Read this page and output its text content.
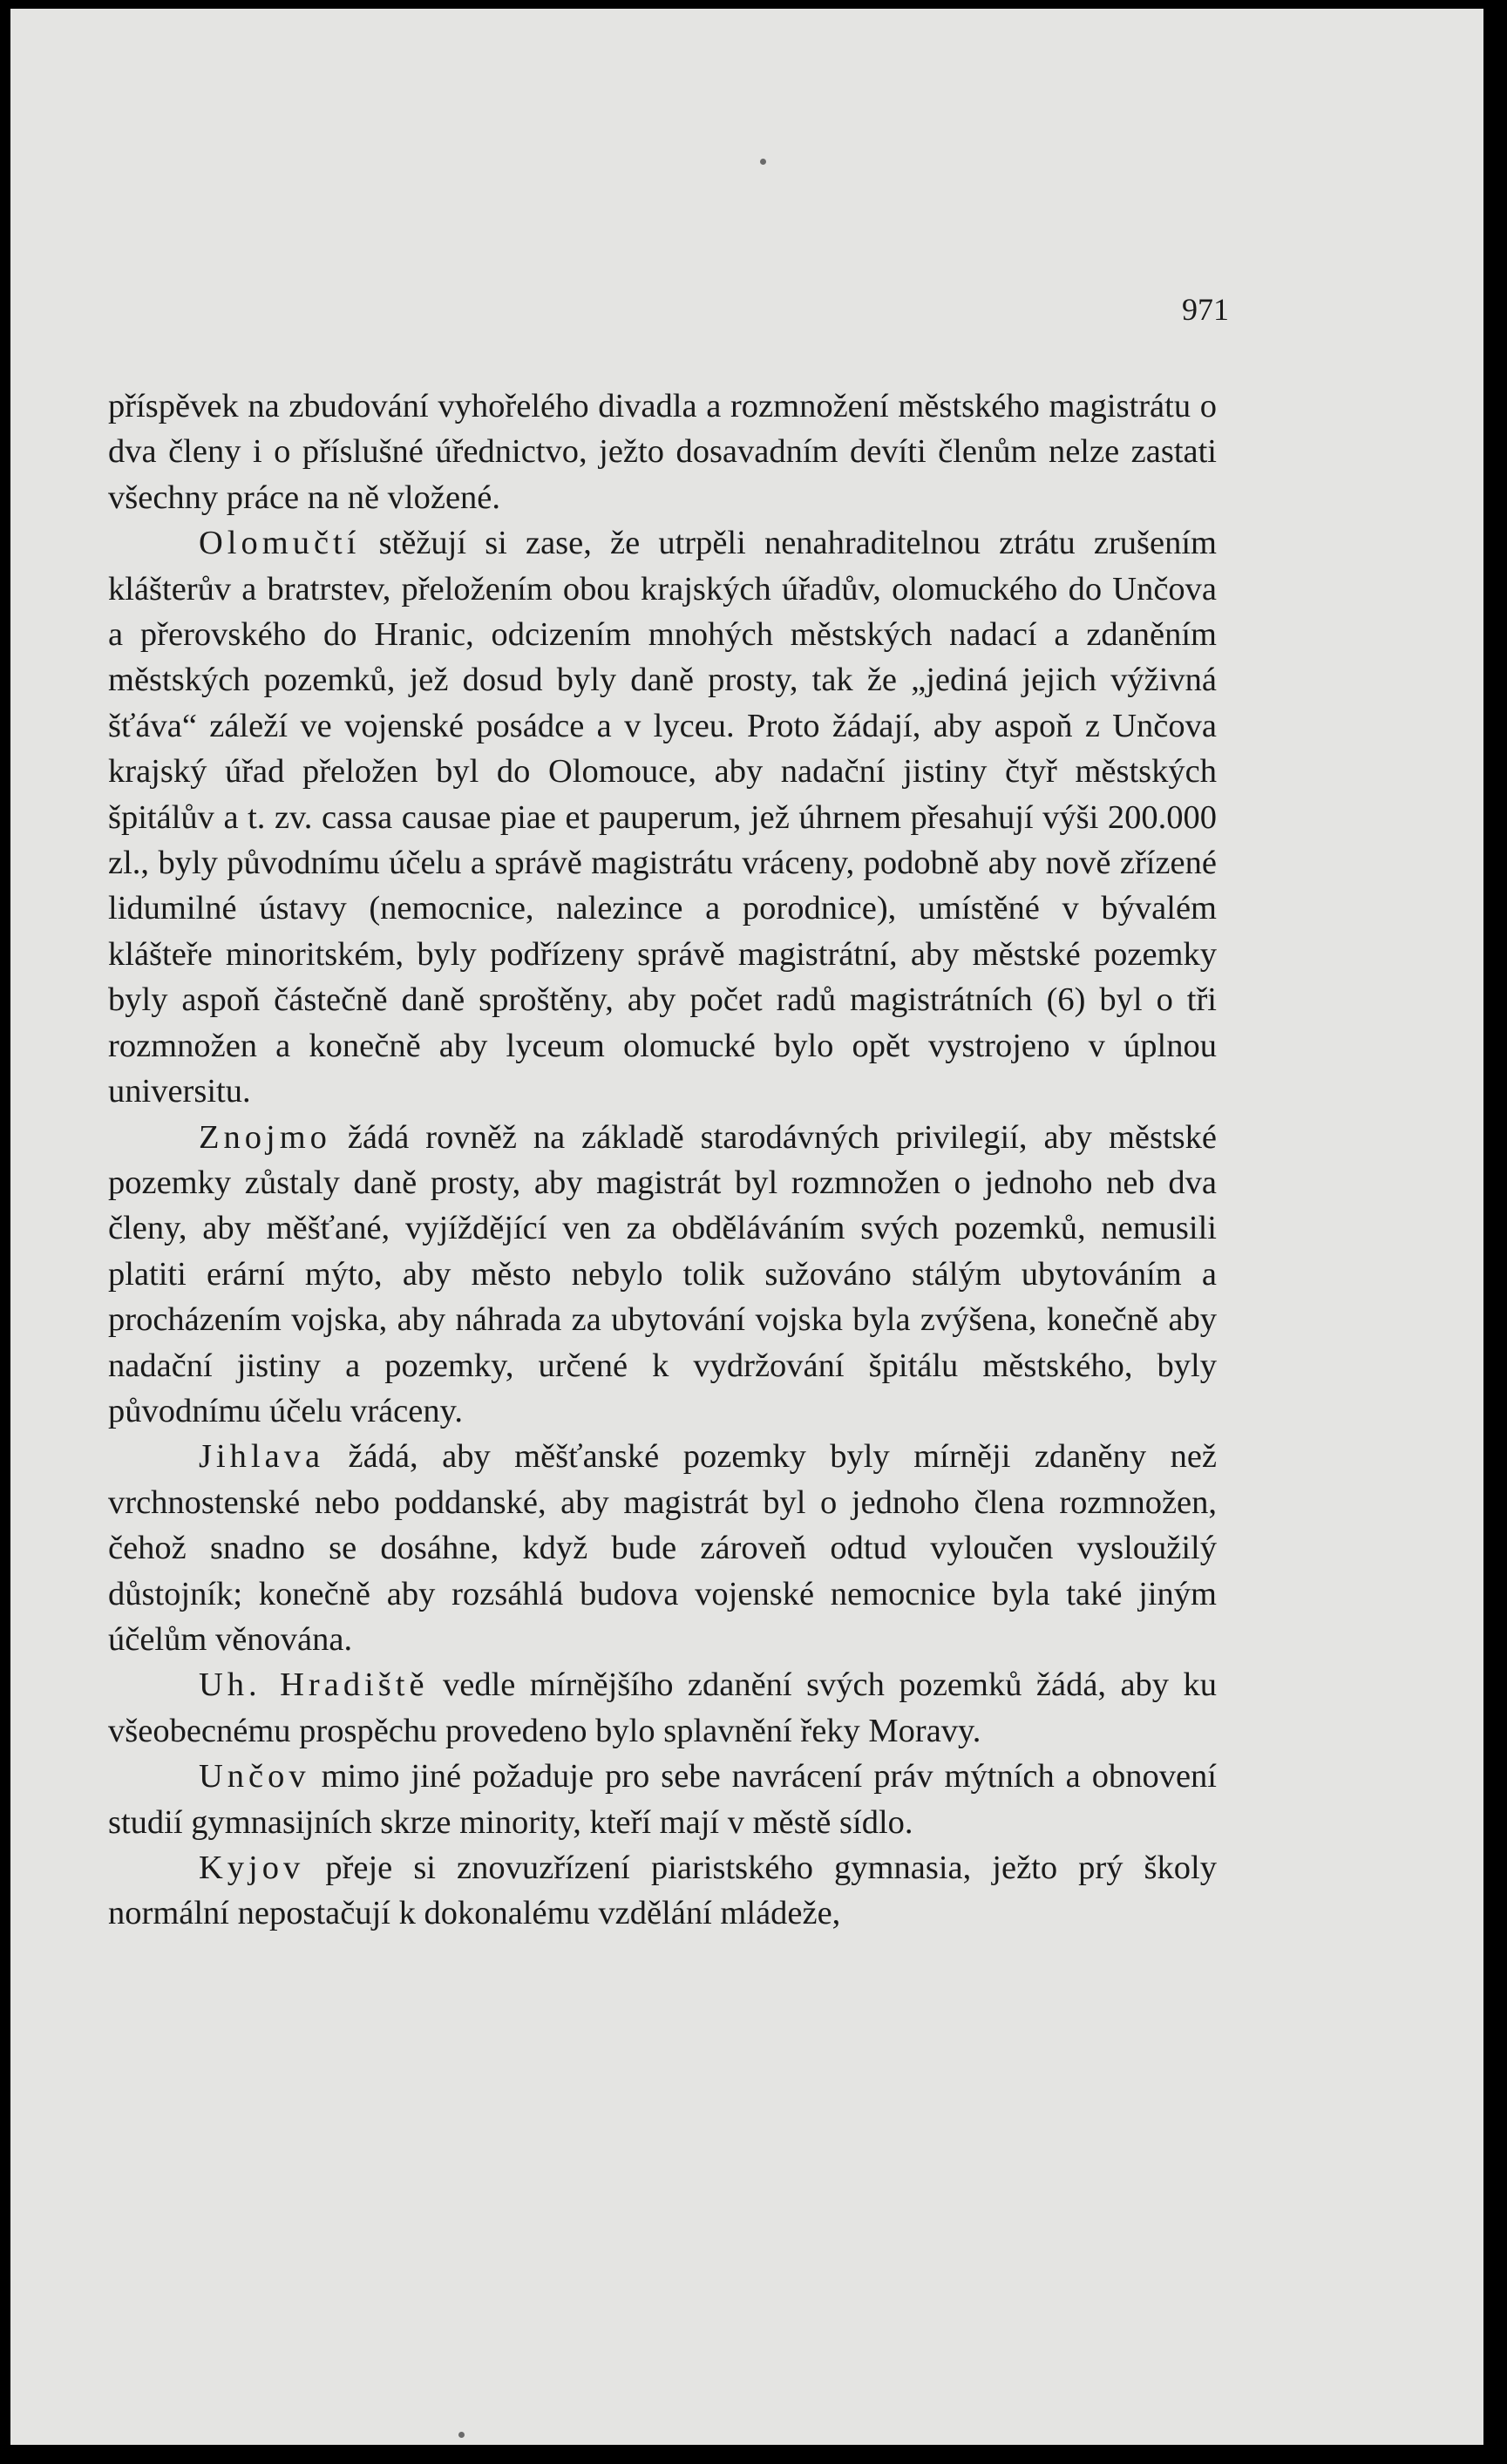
971

příspěvek na zbudování vyhořelého divadla a rozmnožení městského magistrátu o dva členy i o příslušné úřednictvo, ježto dosavadním devíti členům nelze zastati všechny práce na ně vložené.

Olomučtí stěžují si zase, že utrpěli nenahraditelnou ztrátu zrušením klášterův a bratrstev, přeložením obou krajských úřadův, olomuckého do Unčova a přerovského do Hranic, odcizením mnohých městských nadací a zdaněním městských pozemků, jež dosud byly daně prosty, tak že „jediná jejich výživná šťáva“ záleží ve vojenské posádce a v lyceu. Proto žádají, aby aspoň z Unčova krajský úřad přeložen byl do Olomouce, aby nadační jistiny čtyř městských špitálův a t. zv. cassa causae piae et pauperum, jež úhrnem přesahují výši 200.000 zl., byly původnímu účelu a správě magistrátu vráceny, podobně aby nově zřízené lidumilné ústavy (nemocnice, nalezince a porodnice), umístěné v bývalém klášteře minoritském, byly podřízeny správě magistrátní, aby městské pozemky byly aspoň částečně daně sproštěny, aby počet radů magistrátních (6) byl o tři rozmnožen a konečně aby lyceum olomucké bylo opět vystrojeno v úplnou universitu.

Znojmo žádá rovněž na základě starodávných privilegií, aby městské pozemky zůstaly daně prosty, aby magistrát byl rozmnožen o jednoho neb dva členy, aby měšťané, vyjíždějící ven za obděláváním svých pozemků, nemusili platiti erární mýto, aby město nebylo tolik sužováno stálým ubytováním a procházením vojska, aby náhrada za ubytování vojska byla zvýšena, konečně aby nadační jistiny a pozemky, určené k vydržování špitálu městského, byly původnímu účelu vráceny.

Jihlava žádá, aby měšťanské pozemky byly mírněji zdaněny než vrchnostenské nebo poddanské, aby magistrát byl o jednoho člena rozmnožen, čehož snadno se dosáhne, když bude zároveň odtud vyloučen vysloužilý důstojník; konečně aby rozsáhlá budova vojenské nemocnice byla také jiným účelům věnována.

Uh. Hradiště vedle mírnějšího zdanění svých pozemků žádá, aby ku všeobecnému prospěchu provedeno bylo splavnění řeky Moravy.

Unčov mimo jiné požaduje pro sebe navrácení práv mýtních a obnovení studií gymnasijních skrze minority, kteří mají v městě sídlo.

Kyjov přeje si znovuzřízení piaristského gymnasia, ježto prý školy normální nepostačují k dokonalému vzdělání mládeže,
